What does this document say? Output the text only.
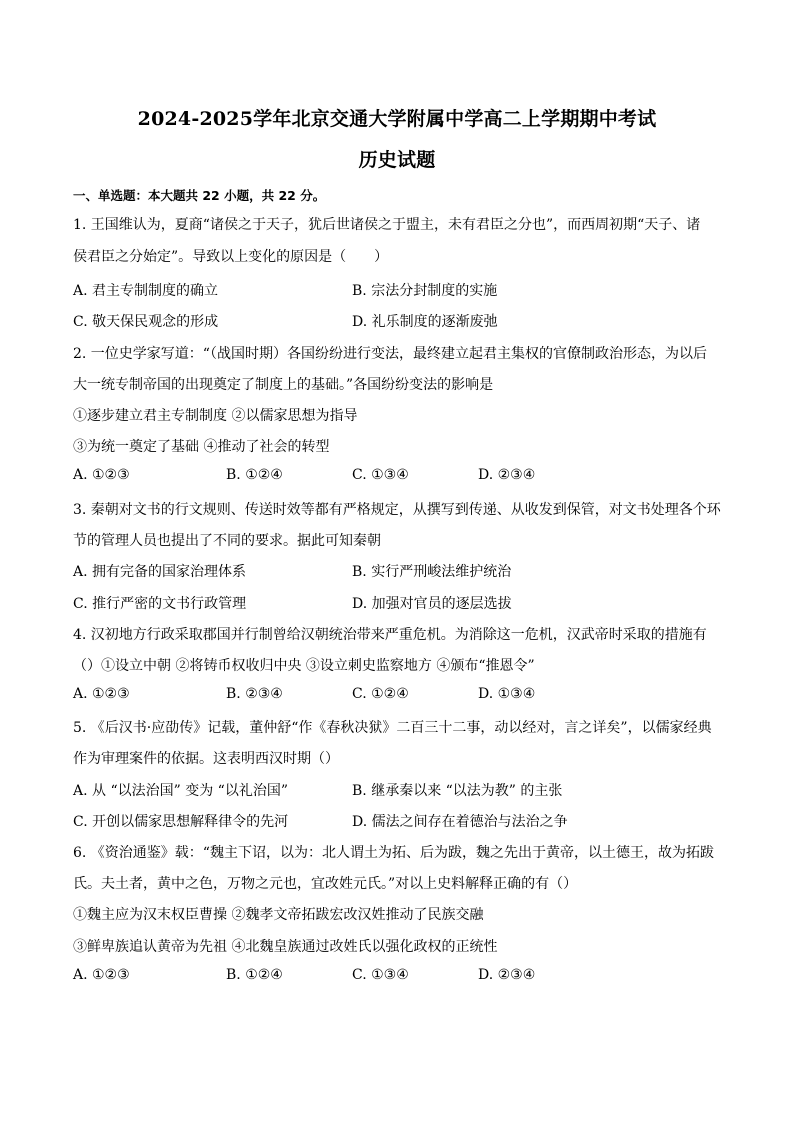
2024-2025学年北京交通大学附属中学高二上学期期中考试
历史试题
一、单选题：本大题共 22 小题，共 22 分。
1. 王国维认为，夏商“诸侯之于天子，犹后世诸侯之于盟主，未有君臣之分也”，而西周初期“天子、诸
侯君臣之分始定”。导致以上变化的原因是（　　）
A. 君主专制制度的确立	B. 宗法分封制度的实施
C. 敬天保民观念的形成	D. 礼乐制度的逐渐废弛
2. 一位史学家写道：“（战国时期）各国纷纷进行变法，最终建立起君主集权的官僚制政治形态，为以后
大一统专制帝国的出现奠定了制度上的基础。”各国纷纷变法的影响是
①逐步建立君主专制制度 ②以儒家思想为指导
③为统一奠定了基础 ④推动了社会的转型
A. ①②③	B. ①②④	C. ①③④	D. ②③④
3. 秦朝对文书的行文规则、传送时效等都有严格规定，从撰写到传递、从收发到保管，对文书处理各个环
节的管理人员也提出了不同的要求。据此可知秦朝
A. 拥有完备的国家治理体系	B. 实行严刑峻法维护统治
C. 推行严密的文书行政管理	D. 加强对官员的逐层选拔
4. 汉初地方行政采取郡国并行制曾给汉朝统治带来严重危机。为消除这一危机，汉武帝时采取的措施有
（）①设立中朝 ②将铸币权收归中央 ③设立刺史监察地方 ④颁布“推恩令”
A. ①②③	B. ②③④	C. ①②④	D. ①③④
5. 《后汉书·应劭传》记载，董仲舒“作《春秋决狱》二百三十二事，动以经对，言之详矣”，以儒家经典
作为审理案件的依据。这表明西汉时期（）
A. 从 “以法治国” 变为 “以礼治国”	B. 继承秦以来 “以法为教” 的主张
C. 开创以儒家思想解释律令的先河	D. 儒法之间存在着德治与法治之争
6. 《资治通鉴》载：“魏主下诏，以为：北人谓土为拓、后为跋，魏之先出于黄帝，以土德王，故为拓跋
氏。夫土者，黄中之色，万物之元也，宜改姓元氏。”对以上史料解释正确的有（）
①魏主应为汉末权臣曹操 ②魏孝文帝拓跋宏改汉姓推动了民族交融
③鲜卑族追认黄帝为先祖 ④北魏皇族通过改姓氏以强化政权的正统性
A. ①②③	B. ①②④	C. ①③④	D. ②③④
